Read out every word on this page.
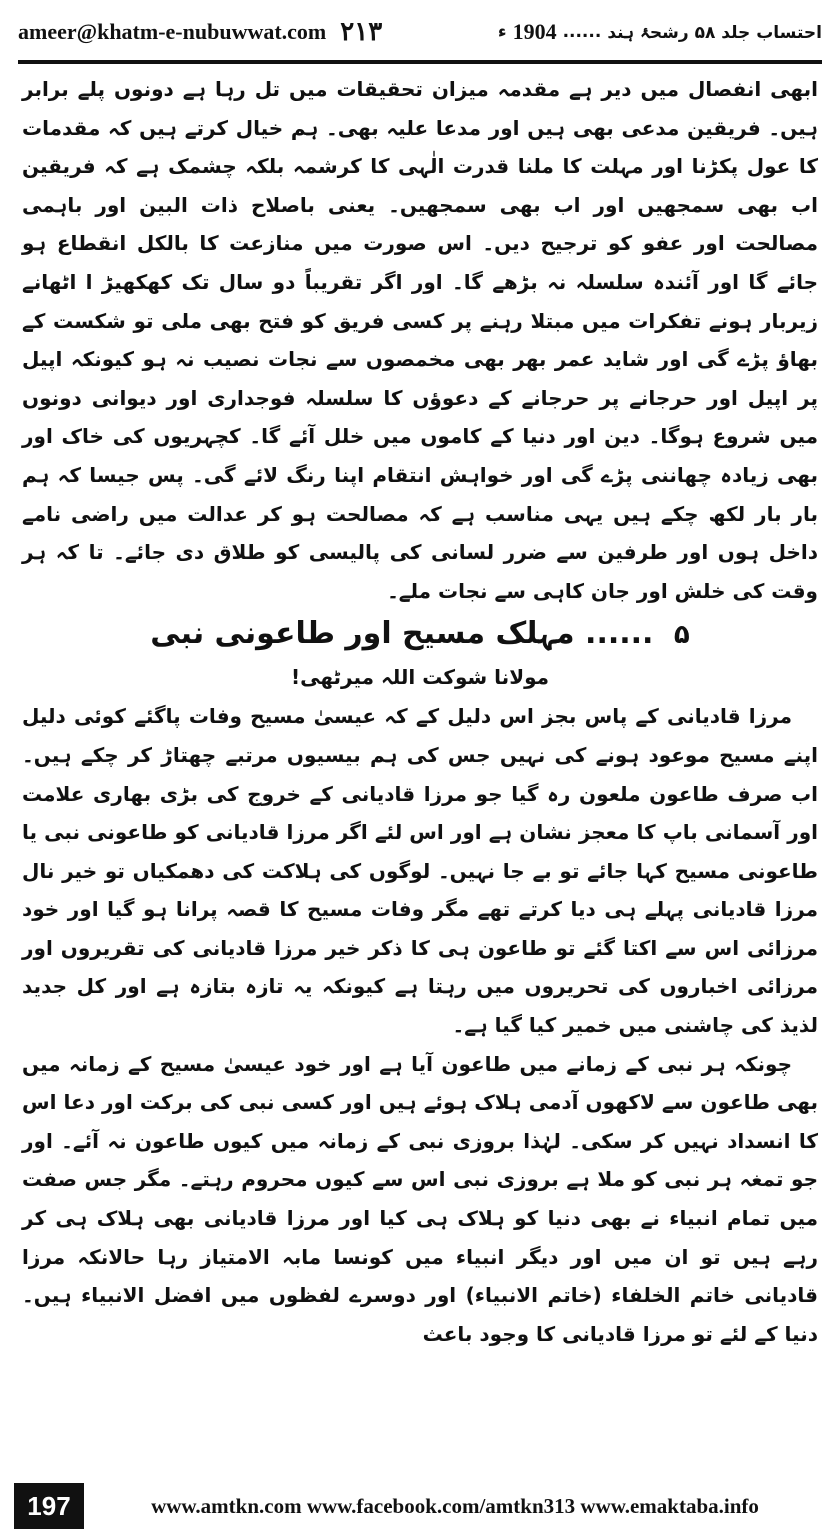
ameer@khatm-e-nubuwwat.com ۲۱۳	احتساب جلد ۵۸ رشحۂ ہند
......
1904
ء

ابھی انفصال میں دیر ہے مقدمہ میزان تحقیقات میں تل رہا ہے دونوں پلے برابر ہیں۔ فریقین مدعی بھی ہیں اور مدعا علیہ بھی۔ ہم خیال کرتے ہیں کہ مقدمات کا عول پکڑنا اور مہلت کا ملنا قدرت الٰہی کا کرشمہ بلکہ چشمک ہے کہ فریقین اب بھی سمجھیں اور اب بھی سمجھیں۔ یعنی باصلاح ذات البین اور باہمی مصالحت اور عفو کو ترجیح دیں۔ اس صورت میں منازعت کا بالکل انقطاع ہو جائے گا اور آئندہ سلسلہ نہ بڑھے گا۔ اور اگر تقریباً دو سال تک کھکھیڑ ا اٹھانے زیربار ہونے تفکرات میں مبتلا رہنے پر کسی فریق کو فتح بھی ملی تو شکست کے بھاؤ پڑے گی اور شاید عمر بھر بھی مخمصوں سے نجات نصیب نہ ہو کیونکہ اپیل پر اپیل اور حرجانے پر حرجانے کے دعوؤں کا سلسلہ فوجداری اور دیوانی دونوں میں شروع ہوگا۔ دین اور دنیا کے کاموں میں خلل آئے گا۔ کچہریوں کی خاک اور بھی زیادہ چھاننی پڑے گی اور خواہش انتقام اپنا رنگ لائے گی۔ پس جیسا کہ ہم بار بار لکھ چکے ہیں یہی مناسب ہے کہ مصالحت ہو کر عدالت میں راضی نامے داخل ہوں اور طرفین سے ضرر لسانی کی پالیسی کو طلاق دی جائے۔ تا کہ ہر وقت کی خلش اور جان کاہی سے نجات ملے۔

۵ ...... مہلک مسیح اور طاعونی نبی
مولانا شوکت اللہ میرٹھی!

مرزا قادیانی کے پاس بجز اس دلیل کے کہ عیسیٰ مسیح وفات پاگئے کوئی دلیل اپنے مسیح موعود ہونے کی نہیں جس کی ہم بیسیوں مرتبے چھتاڑ کر چکے ہیں۔ اب صرف طاعون ملعون رہ گیا جو مرزا قادیانی کے خروج کی بڑی بھاری علامت اور آسمانی باپ کا معجز نشان ہے اور اس لئے اگر مرزا قادیانی کو طاعونی نبی یا طاعونی مسیح کہا جائے تو بے جا نہیں۔ لوگوں کی ہلاکت کی دھمکیاں تو خیر نال مرزا قادیانی پہلے ہی دیا کرتے تھے مگر وفات مسیح کا قصہ پرانا ہو گیا اور خود مرزائی اس سے اکتا گئے تو طاعون ہی کا ذکر خیر مرزا قادیانی کی تقریروں اور مرزائی اخباروں کی تحریروں میں رہتا ہے کیونکہ یہ تازہ بتازہ ہے اور کل جدید لذیذ کی چاشنی میں خمیر کیا گیا ہے۔

چونکہ ہر نبی کے زمانے میں طاعون آیا ہے اور خود عیسیٰ مسیح کے زمانہ میں بھی طاعون سے لاکھوں آدمی ہلاک ہوئے ہیں اور کسی نبی کی برکت اور دعا اس کا انسداد نہیں کر سکی۔ لہٰذا بروزی نبی کے زمانہ میں کیوں طاعون نہ آئے۔ اور جو تمغہ ہر نبی کو ملا ہے بروزی نبی اس سے کیوں محروم رہتے۔ مگر جس صفت میں تمام انبیاء نے بھی دنیا کو ہلاک ہی کیا اور مرزا قادیانی بھی ہلاک ہی کر رہے ہیں تو ان میں اور دیگر انبیاء میں کونسا مابہ الامتیاز رہا حالانکہ مرزا قادیانی خاتم الخلفاء (خاتم الانبیاء) اور دوسرے لفظوں میں افضل الانبیاء ہیں۔ دنیا کے لئے تو مرزا قادیانی کا وجود باعث

197	www.amtkn.com www.facebook.com/amtkn313 www.emaktaba.info
